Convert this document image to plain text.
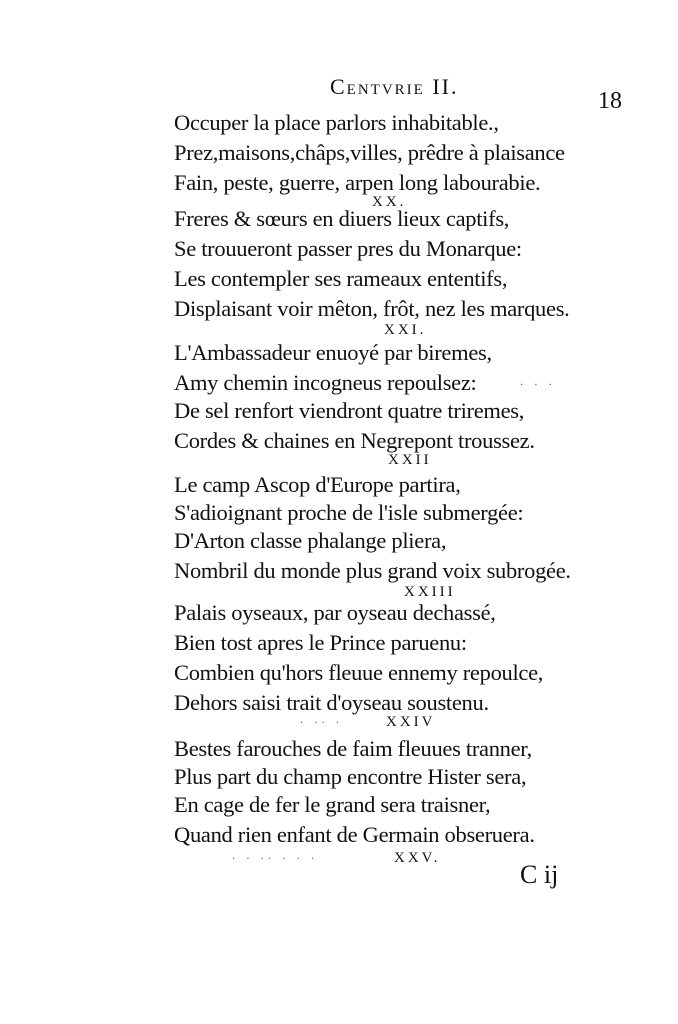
Centvrie II.
18
Occuper la place parlors inhabitable.,
Prez,maisons,châps,villes, prêdre à plaisance
Fain, peste, guerre, arpen long labourabie.
XX.
Freres & sœurs en diuers lieux captifs,
Se trouueront passer pres du Monarque:
Les contempler ses rameaux ententifs,
Displaisant voir mêton, frôt, nez les marques.
XXI.
L'Ambassadeur enuoyé par biremes,
Amy chemin incogneus repoulsez:
De sel renfort viendront quatre triremes,
Cordes & chaines en Negrepont troussez.
XXII
Le camp Ascop d'Europe partira,
S'adioignant proche de l'isle submergée:
D'Arton classe phalange pliera,
Nombril du monde plus grand voix subrogée.
XXIII
Palais oyseaux, par oyseau dechassé,
Bien tost apres le Prince paruenu:
Combien qu'hors fleuue ennemy repoulce,
Dehors saisi trait d'oyseau soustenu.
XXIV
Bestes farouches de faim fleuues tranner,
Plus part du champ encontre Hister sera,
En cage de fer le grand sera traisner,
Quand rien enfant de Germain obseruera.
XXV.
· · ·· · · ·
· ·· ·
· · ·
C ij
